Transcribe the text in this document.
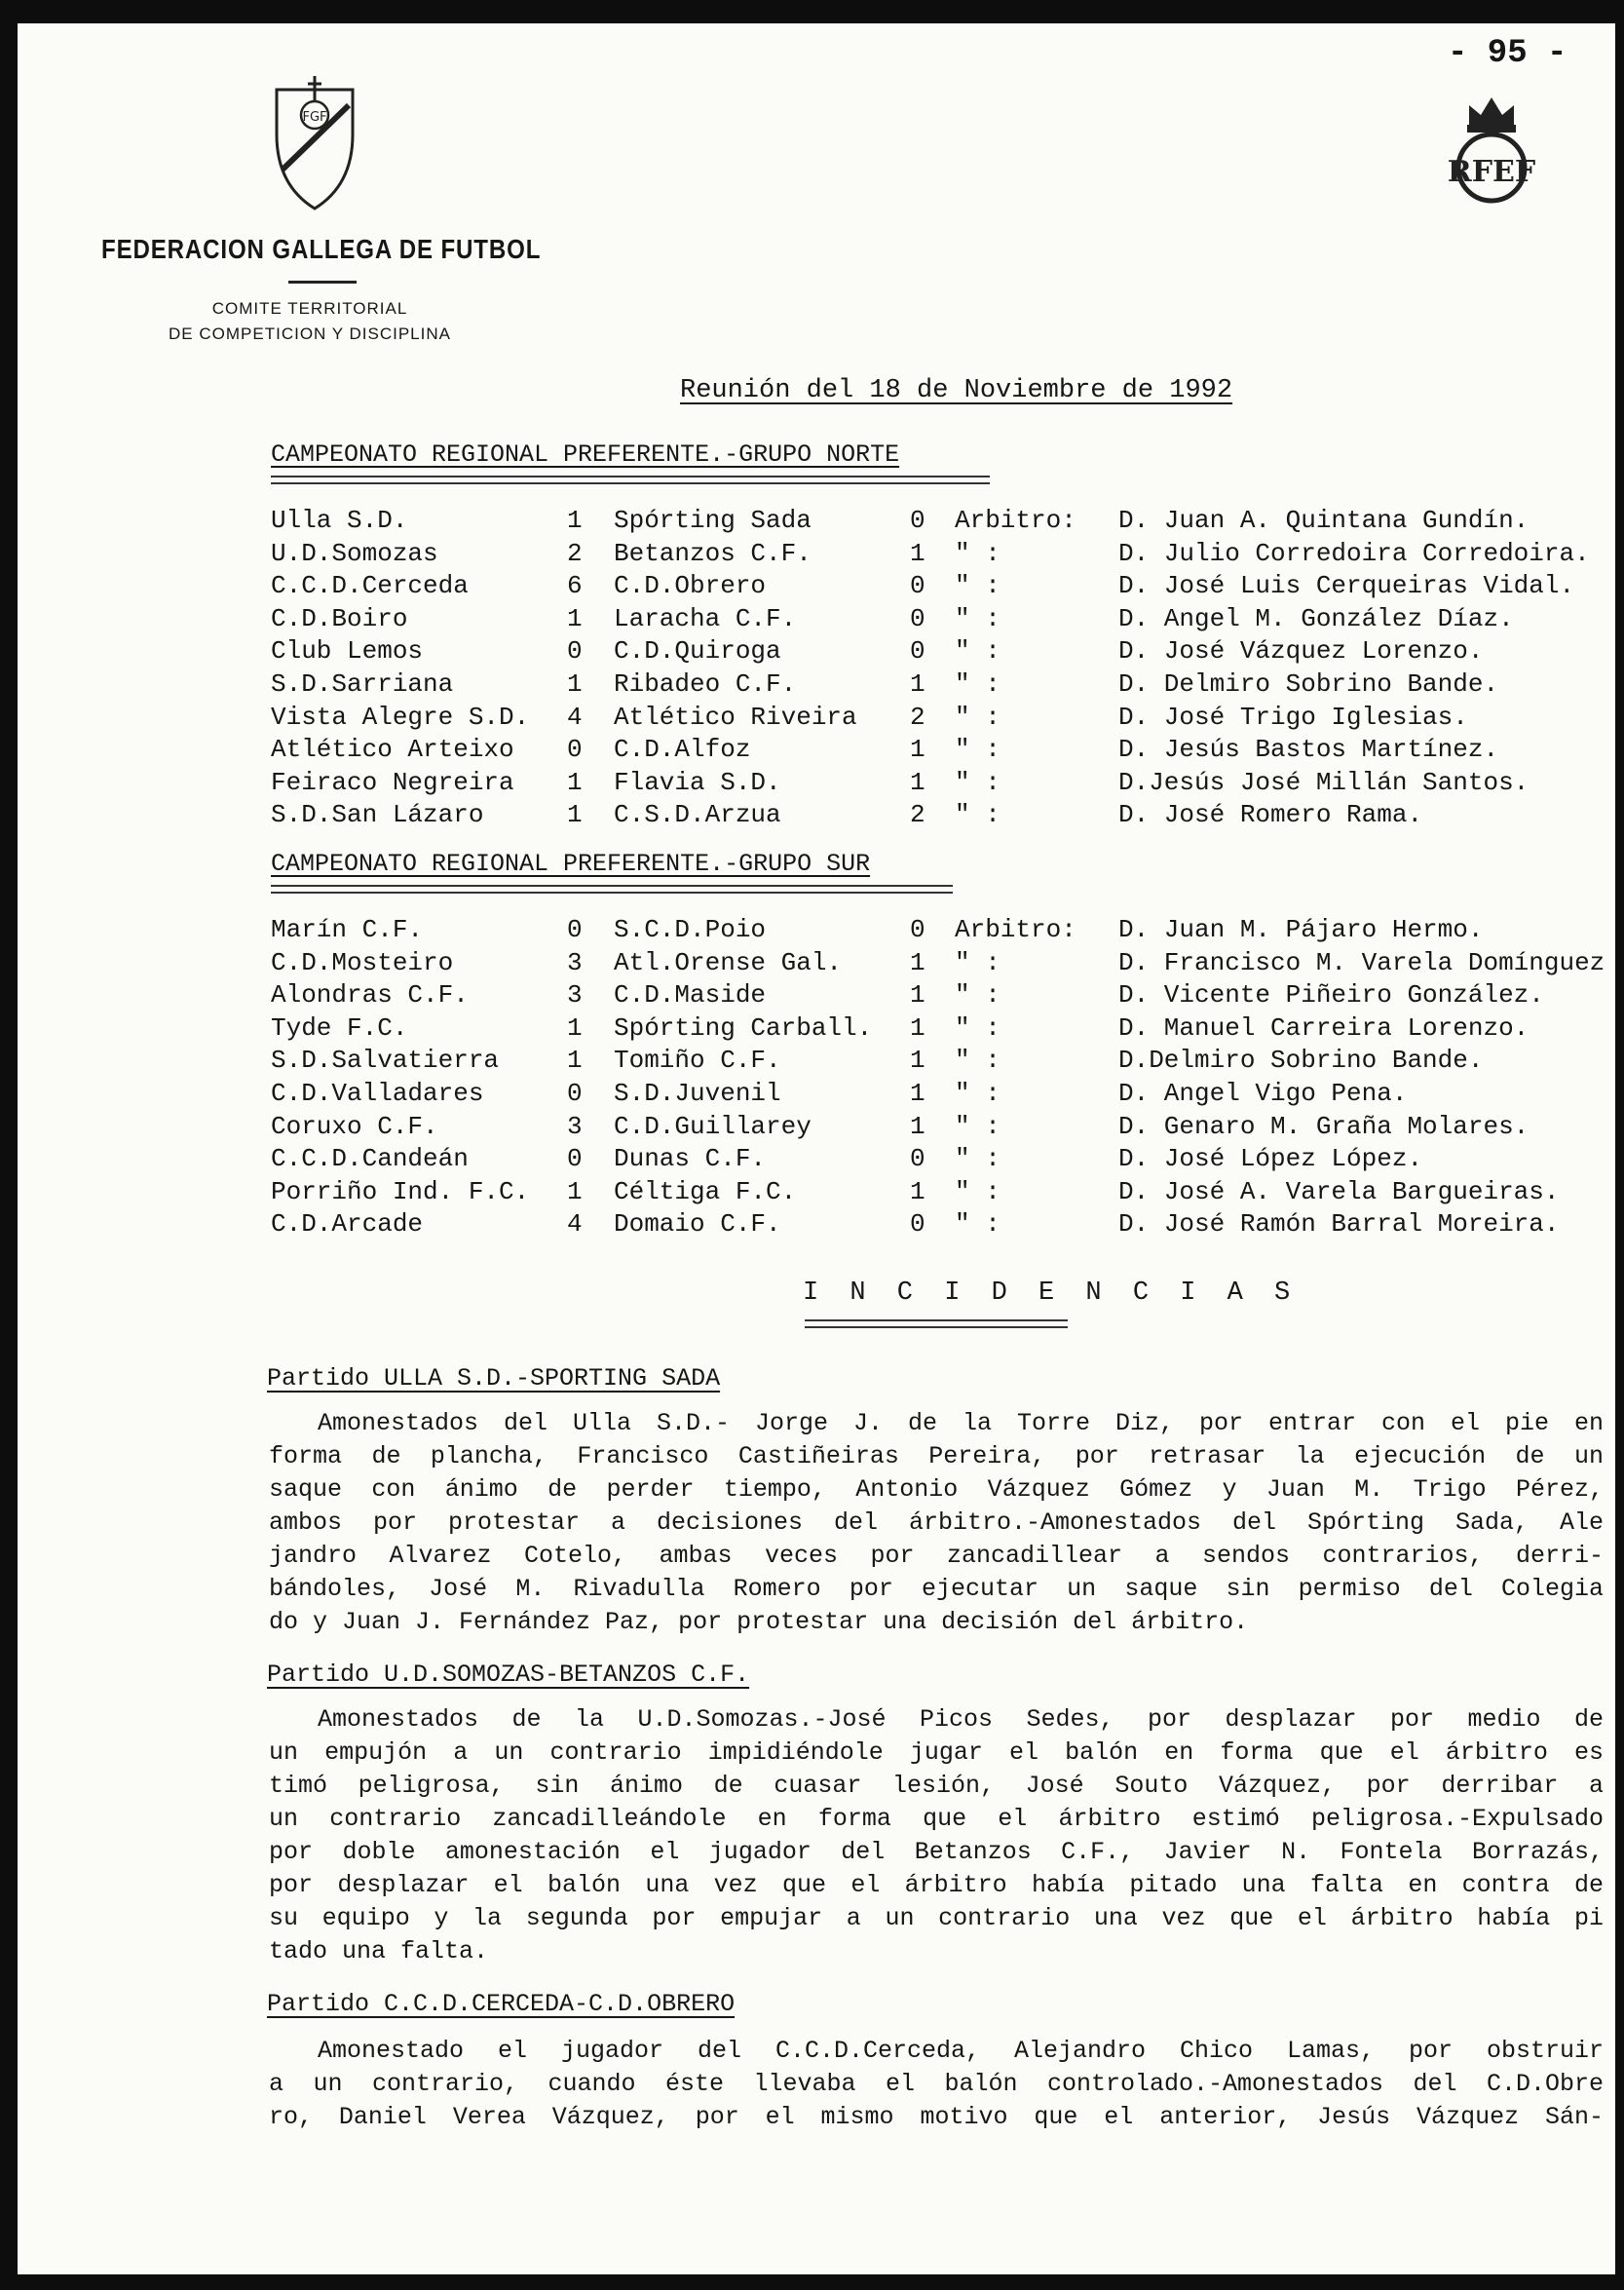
- 95 -
FGF
RFEF
FEDERACION GALLEGA DE FUTBOL
COMITE TERRITORIAL
DE COMPETICION Y DISCIPLINA
Reunión del 18 de Noviembre de 1992
CAMPEONATO REGIONAL PREFERENTE.-GRUPO NORTE
Ulla S.D.	1 Spórting Sada	0 Arbitro: D. Juan A. Quintana Gundín.
U.D.Somozas	2 Betanzos C.F.	1 " :	D. Julio Corredoira Corredoira.
C.C.D.Cerceda	6 C.D.Obrero	0 " :	D. José Luis Cerqueiras Vidal.
C.D.Boiro	1 Laracha C.F.	0 " :	D. Angel M. González Díaz.
Club Lemos	0 C.D.Quiroga	0 " :	D. José Vázquez Lorenzo.
S.D.Sarriana	1 Ribadeo C.F.	1 " :	D. Delmiro Sobrino Bande.
Vista Alegre S.D. 4 Atlético Riveira 2 " :	D. José Trigo Iglesias.
Atlético Arteixo 0 C.D.Alfoz	1 " :	D. Jesús Bastos Martínez.
Feiraco Negreira 1 Flavia S.D.	1 " :	D.Jesús José Millán Santos.
S.D.San Lázaro	1 C.S.D.Arzua	2 " :	D. José Romero Rama.
CAMPEONATO REGIONAL PREFERENTE.-GRUPO SUR
Marín C.F.	0 S.C.D.Poio	0 Arbitro: D. Juan M. Pájaro Hermo.
C.D.Mosteiro	3 Atl.Orense Gal.	1 " :	D. Francisco M. Varela Domínguez
Alondras C.F.	3 C.D.Maside	1 " :	D. Vicente Piñeiro González.
Tyde F.C.	1 Spórting Carball. 1 " :	D. Manuel Carreira Lorenzo.
S.D.Salvatierra	1 Tomiño C.F.	1 " :	D.Delmiro Sobrino Bande.
C.D.Valladares	0 S.D.Juvenil	1 " :	D. Angel Vigo Pena.
Coruxo C.F.	3 C.D.Guillarey	1 " :	D. Genaro M. Graña Molares.
C.C.D.Candeán	0 Dunas C.F.	0 " :	D. José López López.
Porriño Ind. F.C. 1 Céltiga F.C.	1 " :	D. José A. Varela Bargueiras.
C.D.Arcade	4 Domaio C.F.	0 " :	D. José Ramón Barral Moreira.
I N C I D E N C I A S
Partido ULLA S.D.-SPORTING SADA
Amonestados del Ulla S.D.- Jorge J. de la Torre Diz, por entrar con el pie en
forma de plancha, Francisco Castiñeiras Pereira, por retrasar la ejecución de un
saque con ánimo de perder tiempo, Antonio Vázquez Gómez y Juan M. Trigo Pérez,
ambos por protestar a decisiones del árbitro.-Amonestados del Spórting Sada, Ale
jandro Alvarez Cotelo, ambas veces por zancadillear a sendos contrarios, derri-
bándoles, José M. Rivadulla Romero por ejecutar un saque sin permiso del Colegia
do y Juan J. Fernández Paz, por protestar una decisión del árbitro.
Partido U.D.SOMOZAS-BETANZOS C.F.
Amonestados de la U.D.Somozas.-José Picos Sedes, por desplazar por medio de
un empujón a un contrario impidiéndole jugar el balón en forma que el árbitro es
timó peligrosa, sin ánimo de cuasar lesión, José Souto Vázquez, por derribar a
un contrario zancadilleándole en forma que el árbitro estimó peligrosa.-Expulsado
por doble amonestación el jugador del Betanzos C.F., Javier N. Fontela Borrazás,
por desplazar el balón una vez que el árbitro había pitado una falta en contra de
su equipo y la segunda por empujar a un contrario una vez que el árbitro había pi
tado una falta.
Partido C.C.D.CERCEDA-C.D.OBRERO
Amonestado el jugador del C.C.D.Cerceda, Alejandro Chico Lamas, por obstruir
a un contrario, cuando éste llevaba el balón controlado.-Amonestados del C.D.Obre
ro, Daniel Verea Vázquez, por el mismo motivo que el anterior, Jesús Vázquez Sán-
